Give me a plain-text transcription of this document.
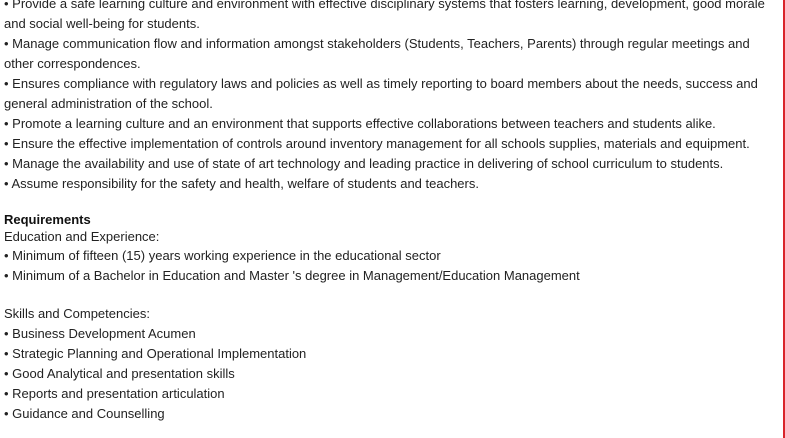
• Provide a safe learning culture and environment with effective disciplinary systems that fosters learning, development, good morale and social well-being for students.
• Manage communication flow and information amongst stakeholders (Students, Teachers, Parents) through regular meetings and other correspondences.
• Ensures compliance with regulatory laws and policies as well as timely reporting to board members about the needs, success and general administration of the school.
• Promote a learning culture and an environment that supports effective collaborations between teachers and students alike.
• Ensure the effective implementation of controls around inventory management for all schools supplies, materials and equipment.
• Manage the availability and use of state of art technology and leading practice in delivering of school curriculum to students.
• Assume responsibility for the safety and health, welfare of students and teachers.
Requirements
Education and Experience:
• Minimum of fifteen (15) years working experience in the educational sector
• Minimum of a Bachelor in Education and Master 's degree in Management/Education Management
Skills and Competencies:
• Business Development Acumen
• Strategic Planning and Operational Implementation
• Good Analytical and presentation skills
• Reports and presentation articulation
• Guidance and Counselling
